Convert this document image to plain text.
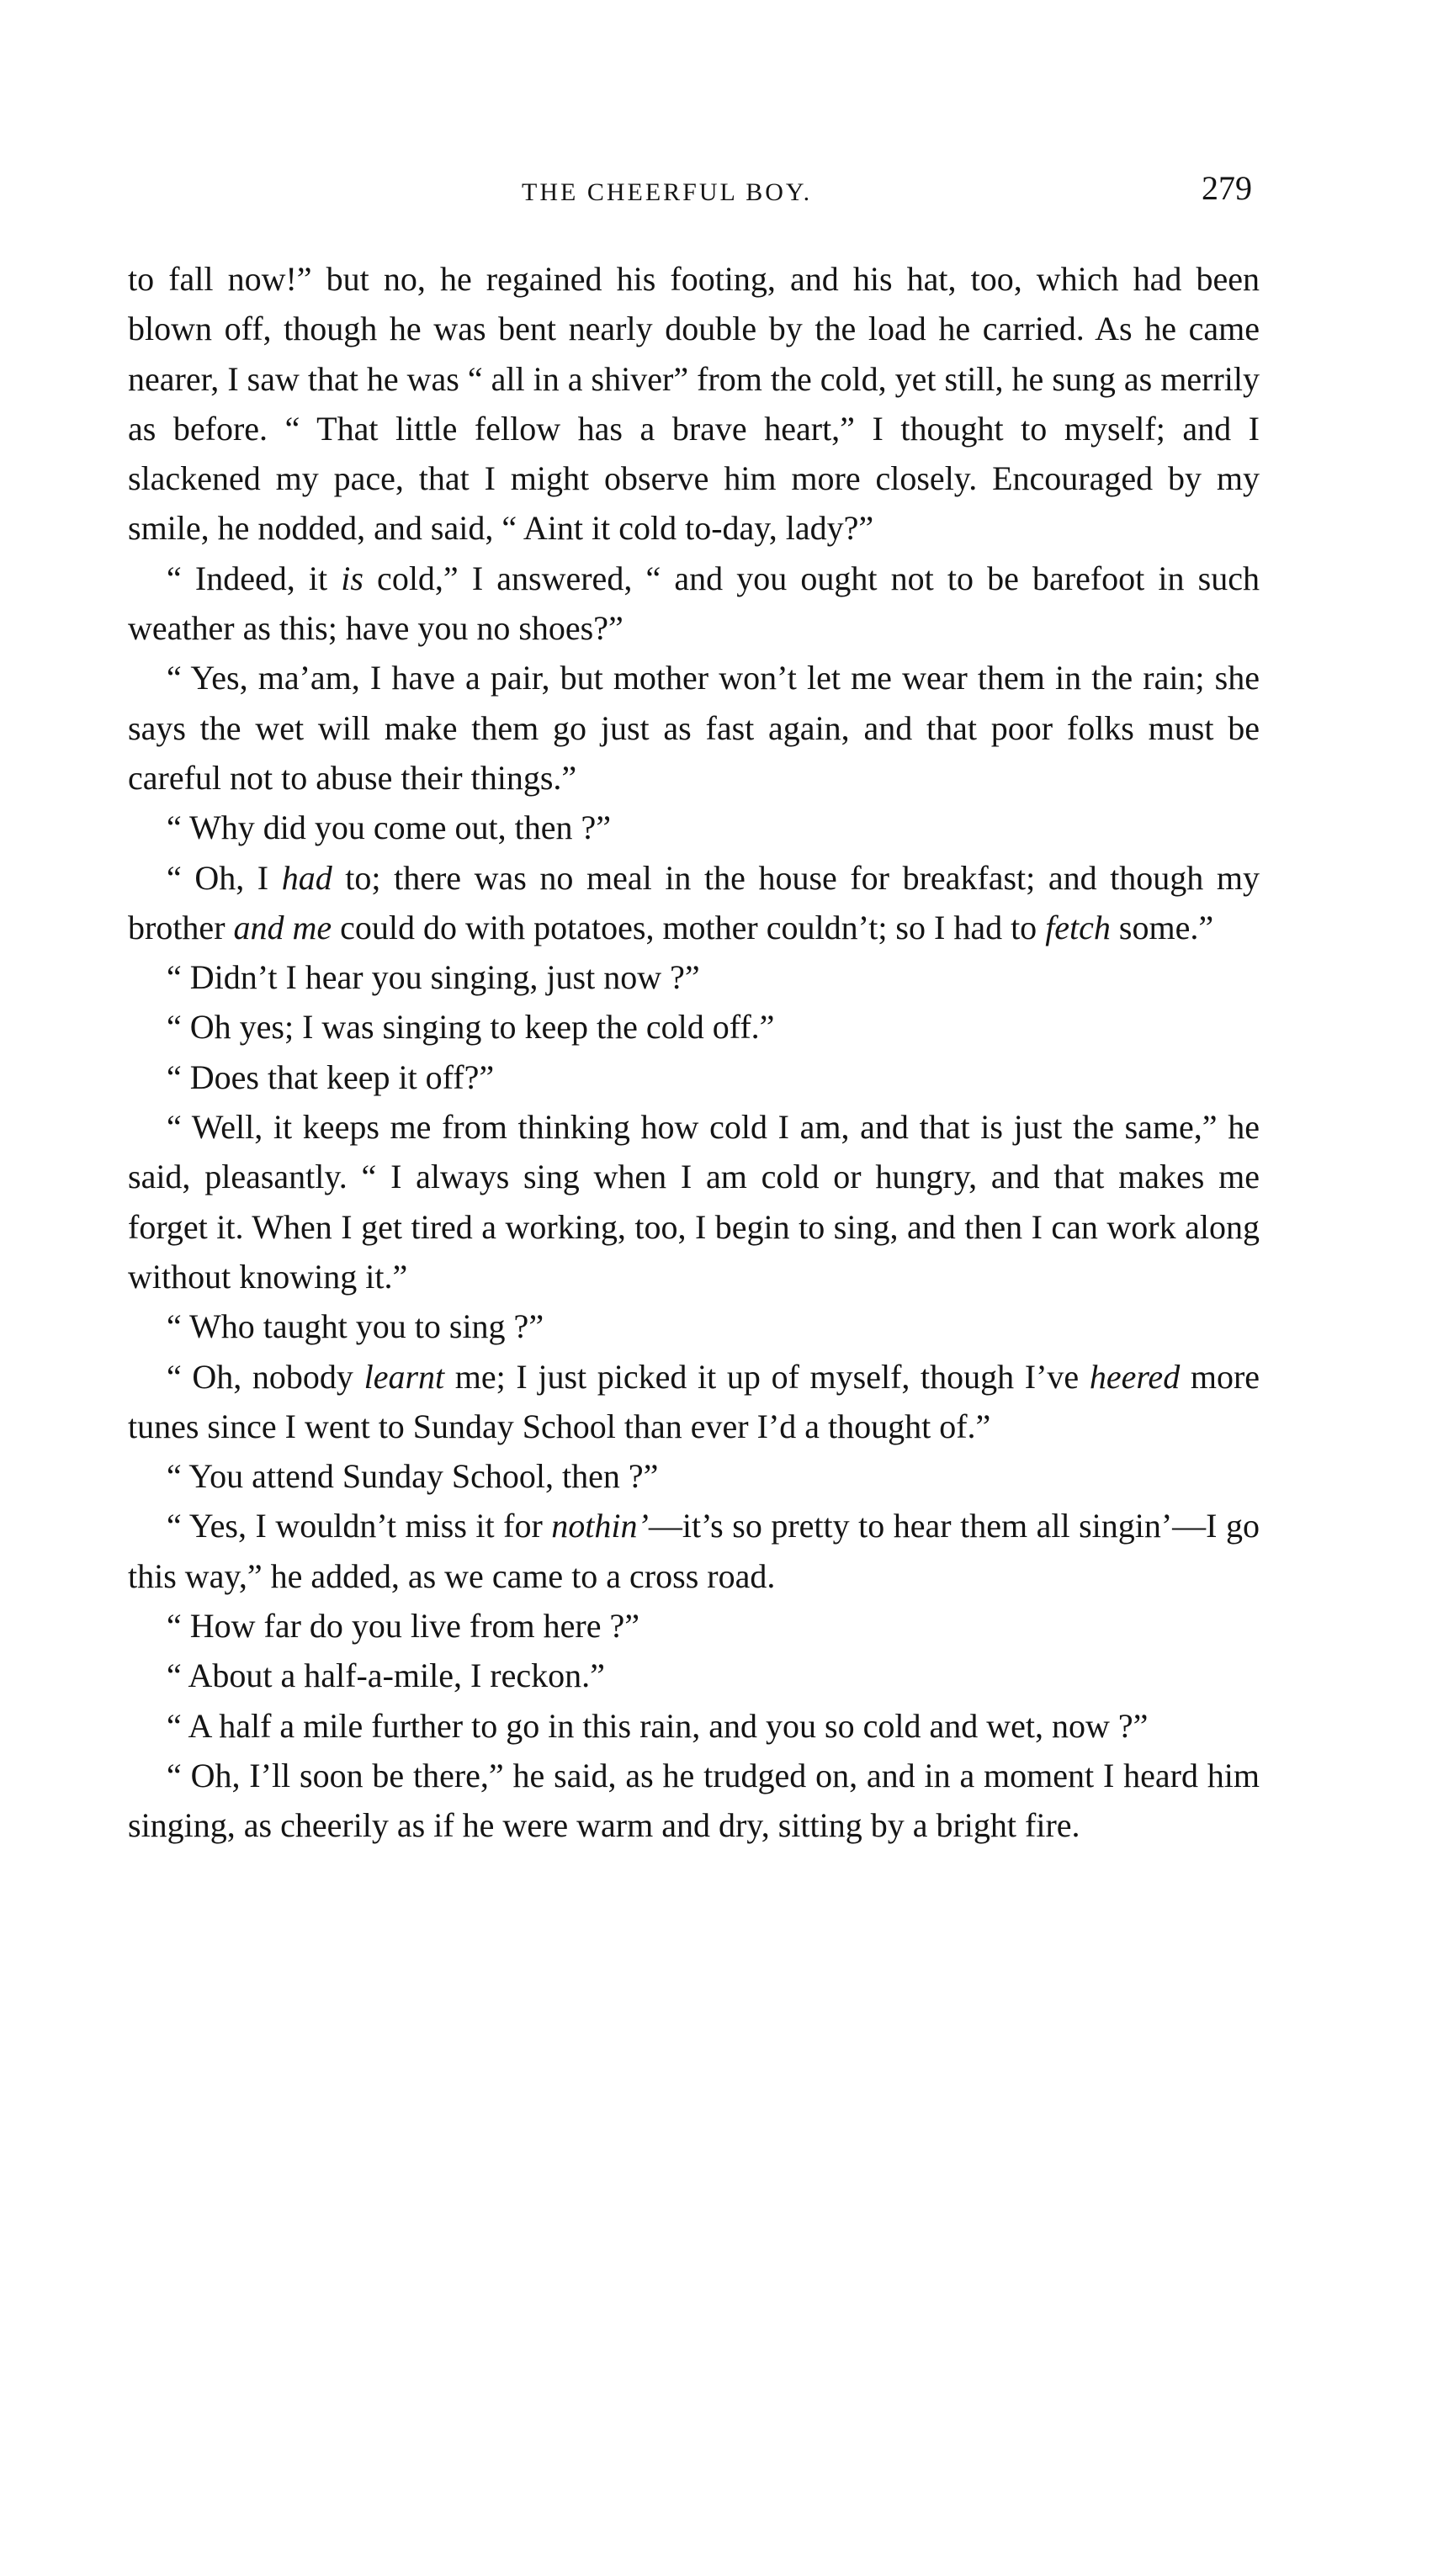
THE CHEERFUL BOY.	279

to fall now!” but no, he regained his footing, and his hat, too, which had been blown off, though he was bent nearly double by the load he carried. As he came nearer, I saw that he was “ all in a shiver” from the cold, yet still, he sung as merrily as before. “ That little fellow has a brave heart,” I thought to myself; and I slackened my pace, that I might observe him more closely. Encouraged by my smile, he nodded, and said, “ Aint it cold to-day, lady?”

“ Indeed, it is cold,” I answered, “ and you ought not to be barefoot in such weather as this; have you no shoes?”

“ Yes, ma’am, I have a pair, but mother won’t let me wear them in the rain; she says the wet will make them go just as fast again, and that poor folks must be careful not to abuse their things.”

“ Why did you come out, then ?”

“ Oh, I had to; there was no meal in the house for breakfast; and though my brother and me could do with potatoes, mother couldn’t; so I had to fetch some.”

“ Didn’t I hear you singing, just now ?”

“ Oh yes; I was singing to keep the cold off.”

“ Does that keep it off?”

“ Well, it keeps me from thinking how cold I am, and that is just the same,” he said, pleasantly. “ I always sing when I am cold or hungry, and that makes me forget it. When I get tired a working, too, I begin to sing, and then I can work along without knowing it.”

“ Who taught you to sing ?”

“ Oh, nobody learnt me; I just picked it up of myself, though I’ve heered more tunes since I went to Sunday School than ever I’d a thought of.”

“ You attend Sunday School, then ?”

“ Yes, I wouldn’t miss it for nothin’—it’s so pretty to hear them all singin’—I go this way,” he added, as we came to a cross road.

“ How far do you live from here ?”

“ About a half-a-mile, I reckon.”

“ A half a mile further to go in this rain, and you so cold and wet, now ?”

“ Oh, I’ll soon be there,” he said, as he trudged on, and in a moment I heard him singing, as cheerily as if he were warm and dry, sitting by a bright fire.
